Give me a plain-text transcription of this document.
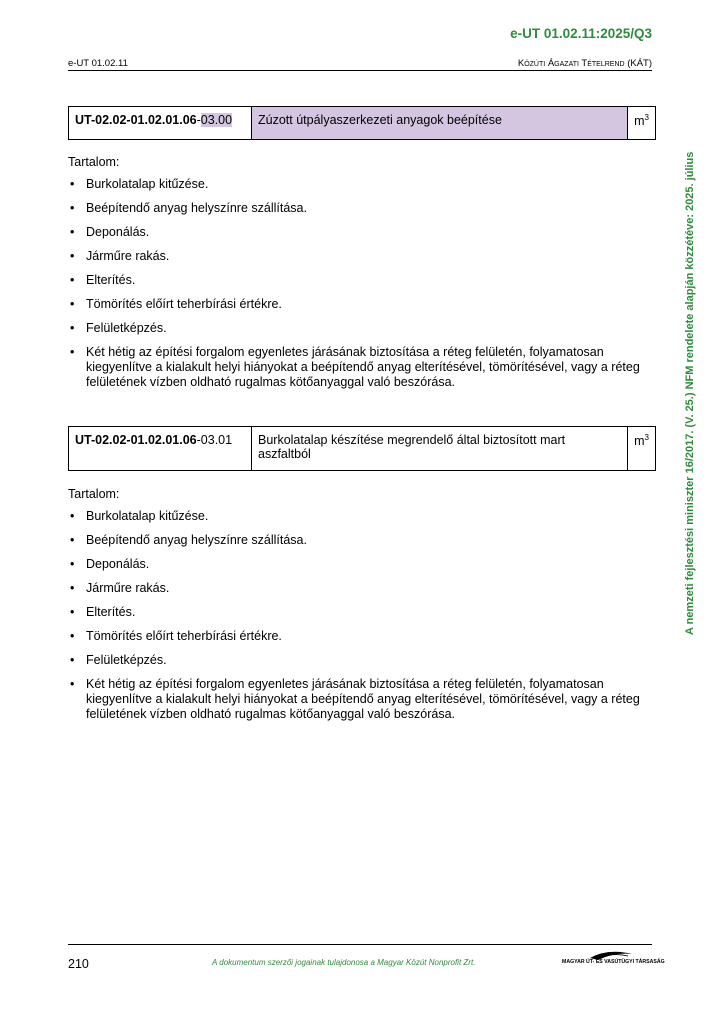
e-UT 01.02.11:2025/Q3
e-UT 01.02.11	Közúti Ágazati Tételrend (KÁT)
A nemzeti fejlesztési miniszter 16/2017. (V. 25.) NFM rendelete alapján közzétéve: 2025. július
UT-02.02-01.02.01.06-03.00	Zúzott útpályaszerkezeti anyagok beépítése	$m^3$
Tartalom:
• Burkolatalap kitűzése.
• Beépítendő anyag helyszínre szállítása.
• Deponálás.
• Járműre rakás.
• Elterítés.
• Tömörítés előírt teherbírási értékre.
• Felületképzés.
• Két hétig az építési forgalom egyenletes járásának biztosítása a réteg felületén, folyamatosan kiegyenlítve a kialakult helyi hiányokat a beépítendő anyag elterítésével, tömörítésével, vagy a réteg felületének vízben oldható rugalmas kötőanyaggal való beszórása.
UT-02.02-01.02.01.06-03.01	Burkolatalap készítése megrendelő által biztosított mart aszfaltból	$m^3$
Tartalom:
• Burkolatalap kitűzése.
• Beépítendő anyag helyszínre szállítása.
• Deponálás.
• Járműre rakás.
• Elterítés.
• Tömörítés előírt teherbírási értékre.
• Felületképzés.
• Két hétig az építési forgalom egyenletes járásának biztosítása a réteg felületén, folyamatosan kiegyenlítve a kialakult helyi hiányokat a beépítendő anyag elterítésével, tömörítésével, vagy a réteg felületének vízben oldható rugalmas kötőanyaggal való beszórása.
210	A dokumentum szerzői jogainak tulajdonosa a Magyar Közút Nonprofit Zrt.	MAGYAR ÚT- ÉS VASÚTÜGYI TÁRSASÁG
